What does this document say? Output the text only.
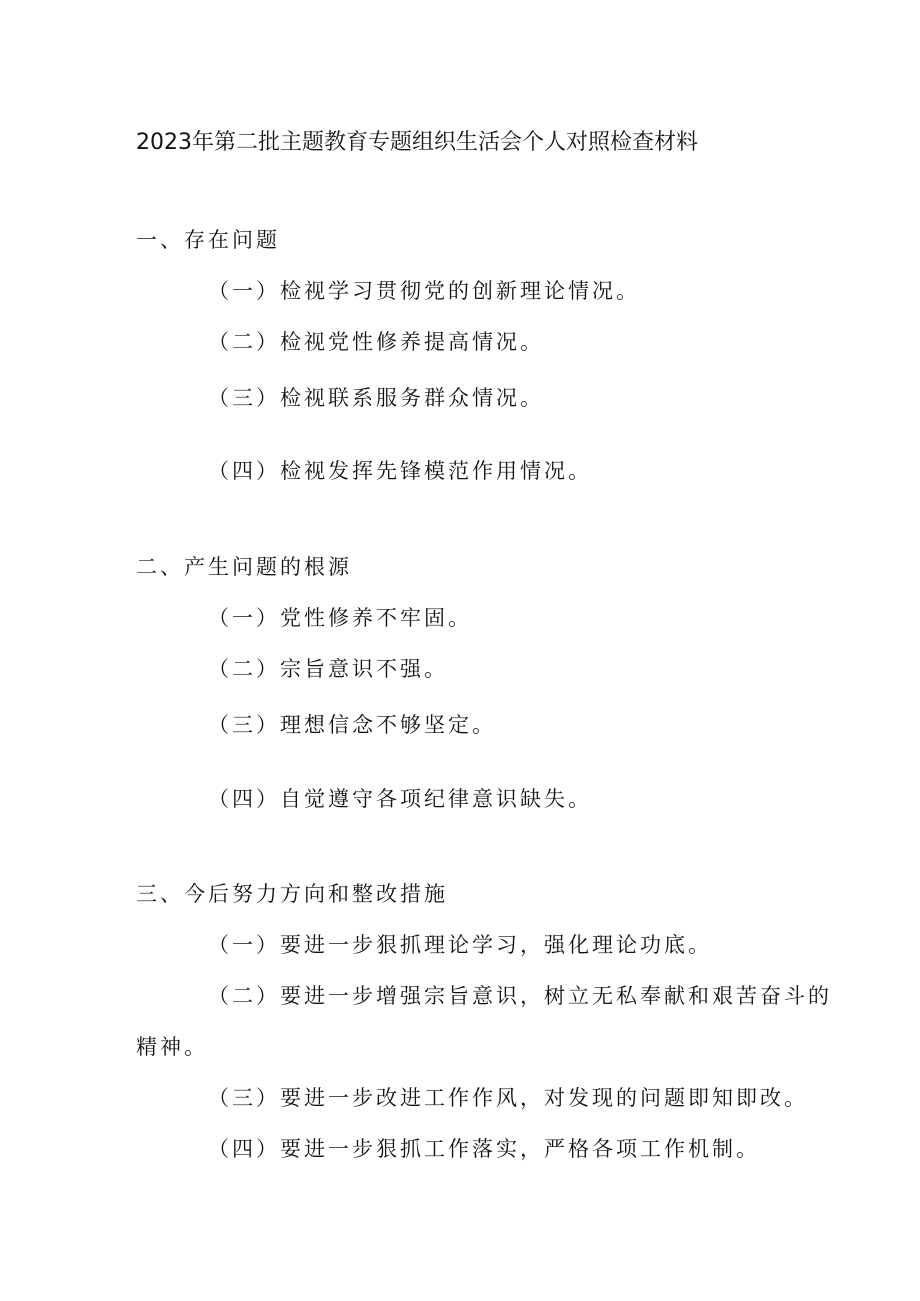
2023年第二批主题教育专题组织生活会个人对照检查材料
一、存在问题
（一）检视学习贯彻党的创新理论情况。
（二）检视党性修养提高情况。
（三）检视联系服务群众情况。
（四）检视发挥先锋模范作用情况。
二、产生问题的根源
（一）党性修养不牢固。
（二）宗旨意识不强。
（三）理想信念不够坚定。
（四）自觉遵守各项纪律意识缺失。
三、今后努力方向和整改措施
（一）要进一步狠抓理论学习，强化理论功底。
（二）要进一步增强宗旨意识，树立无私奉献和艰苦奋斗的
精神。
（三）要进一步改进工作作风，对发现的问题即知即改。
（四）要进一步狠抓工作落实，严格各项工作机制。
